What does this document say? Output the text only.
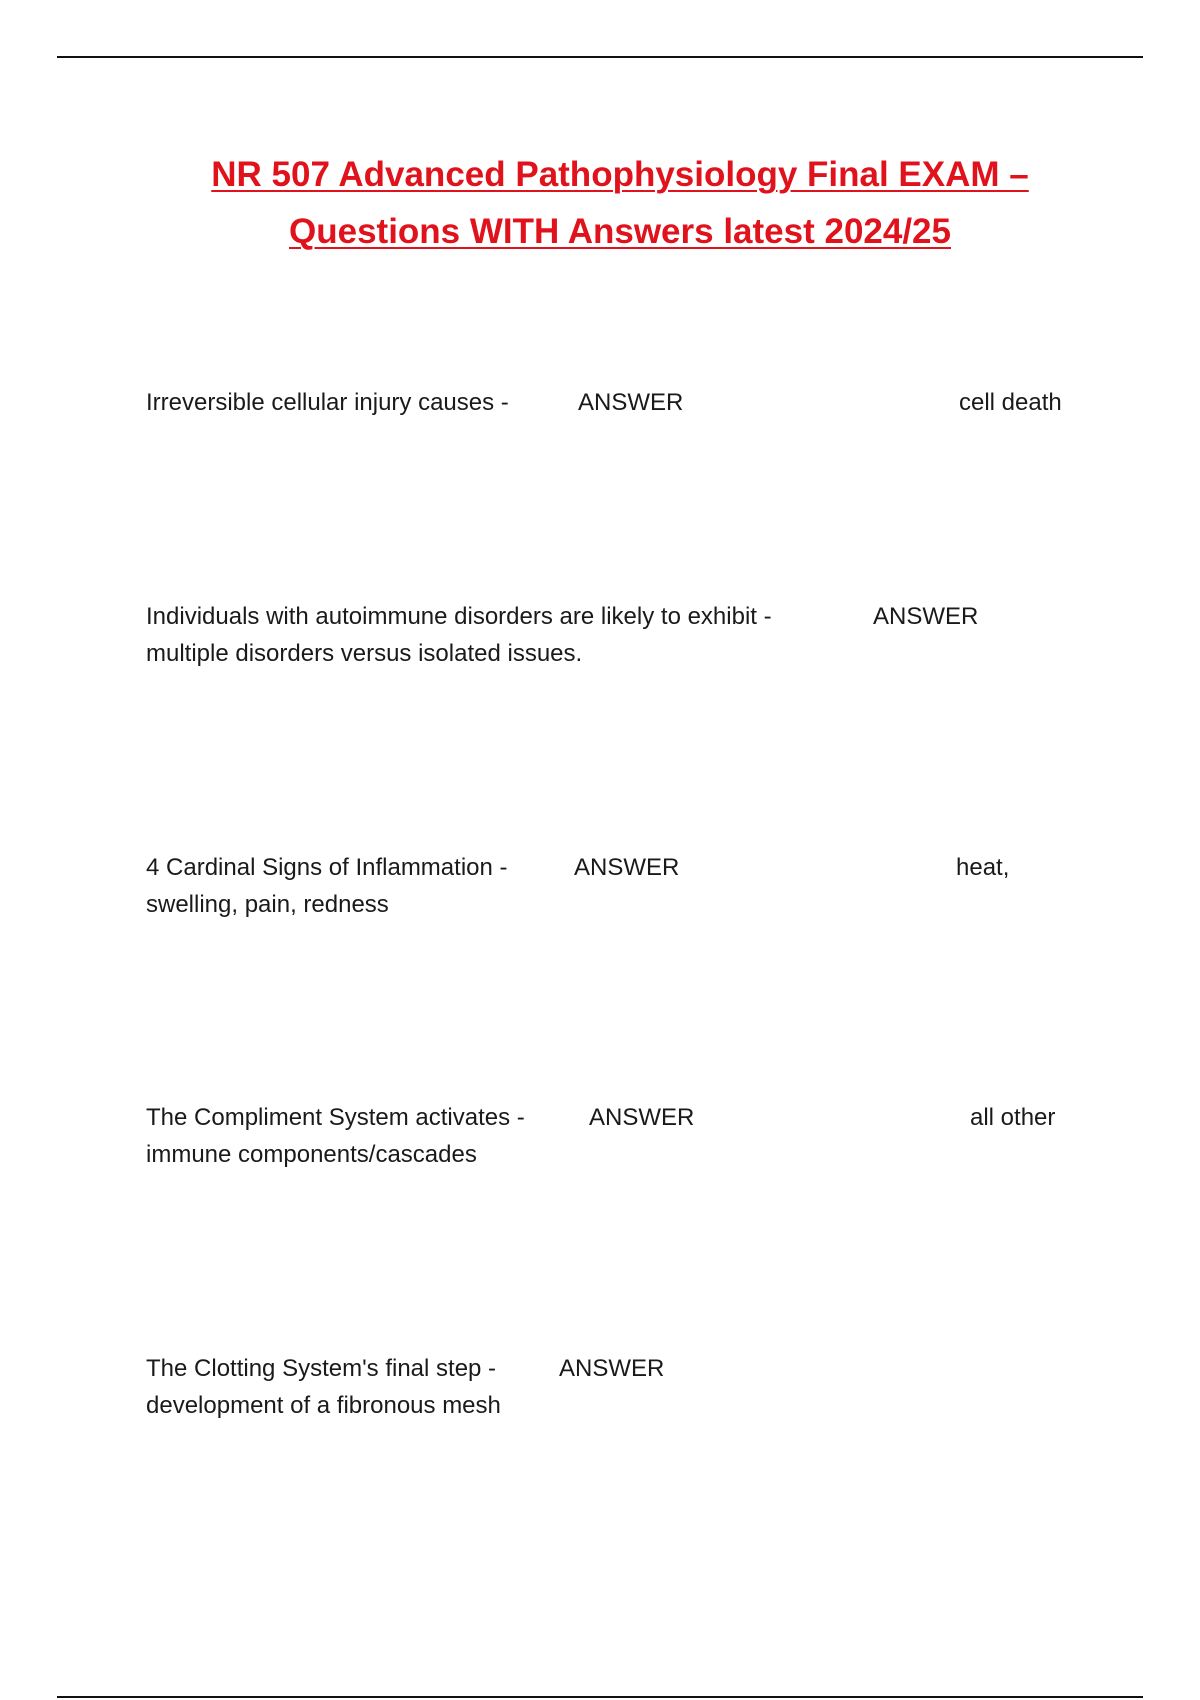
NR 507 Advanced Pathophysiology Final EXAM –
Questions WITH Answers latest 2024/25
Irreversible cellular injury causes -	ANSWER	cell death
Individuals with autoimmune disorders are likely to exhibit -	ANSWER
multiple disorders versus isolated issues.
4 Cardinal Signs of Inflammation -	ANSWER	heat,
swelling, pain, redness
The Compliment System activates -	ANSWER	all other
immune components/cascades
The Clotting System's final step -	ANSWER
development of a fibronous mesh
